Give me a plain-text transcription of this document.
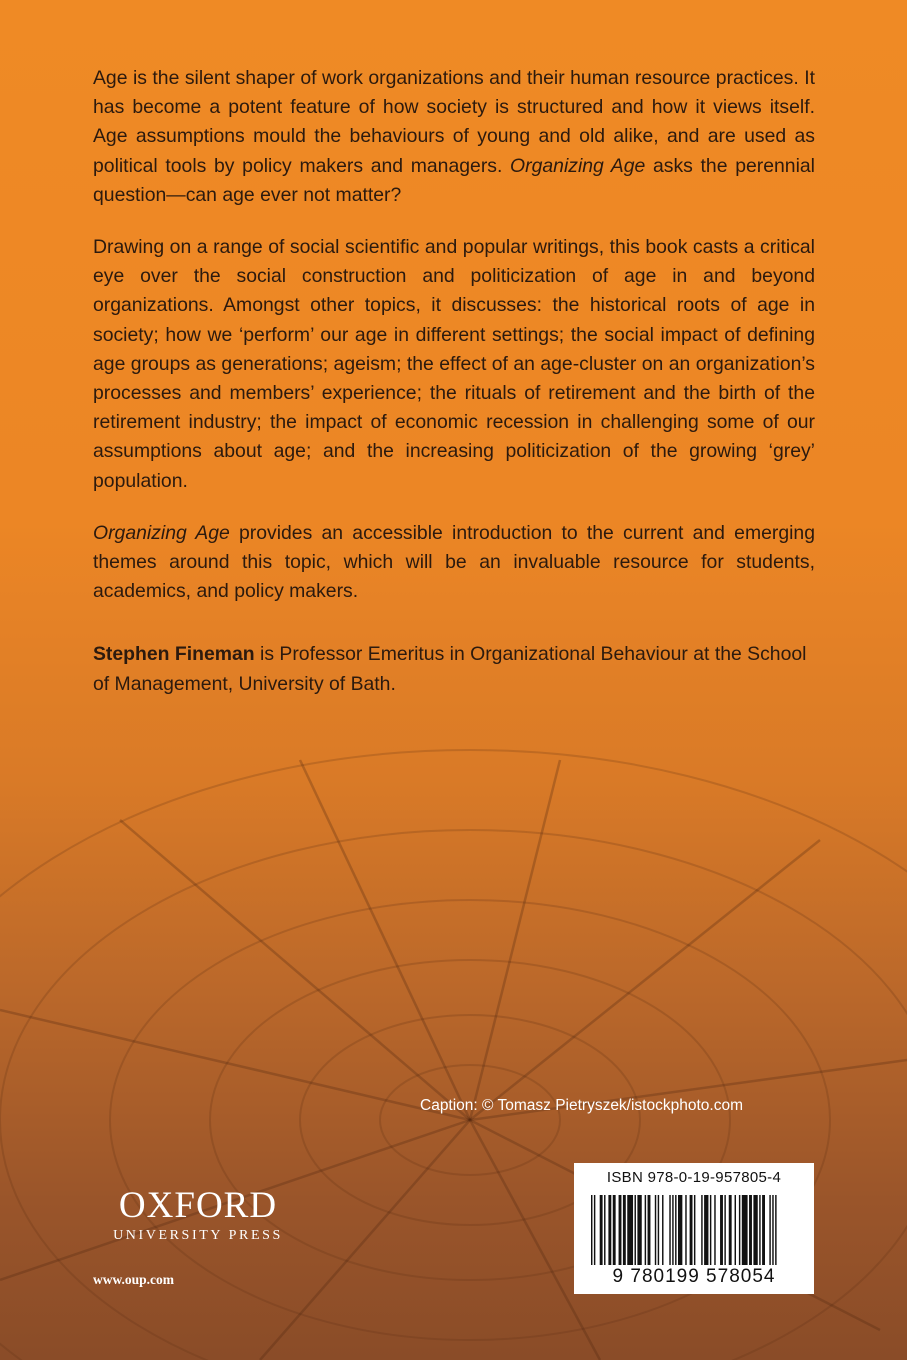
Age is the silent shaper of work organizations and their human resource practices. It has become a potent feature of how society is structured and how it views itself. Age assumptions mould the behaviours of young and old alike, and are used as political tools by policy makers and managers. Organizing Age asks the perennial question—can age ever not matter?

Drawing on a range of social scientific and popular writings, this book casts a critical eye over the social construction and politicization of age in and beyond organizations. Amongst other topics, it discusses: the historical roots of age in society; how we ‘perform’ our age in different settings; the social impact of defining age groups as generations; ageism; the effect of an age-cluster on an organization’s processes and members’ experience; the rituals of retirement and the birth of the retirement industry; the impact of economic recession in challenging some of our assumptions about age; and the increasing politicization of the growing ‘grey’ population.

Organizing Age provides an accessible introduction to the current and emerging themes around this topic, which will be an invaluable resource for students, academics, and policy makers.

Stephen Fineman is Professor Emeritus in Organizational Behaviour at the School of Management, University of Bath.

Caption: © Tomasz Pietryszek/istockphoto.com
OXFORD
UNIVERSITY PRESS
www.oup.com
ISBN 978-0-19-957805-4
9 780199 578054
